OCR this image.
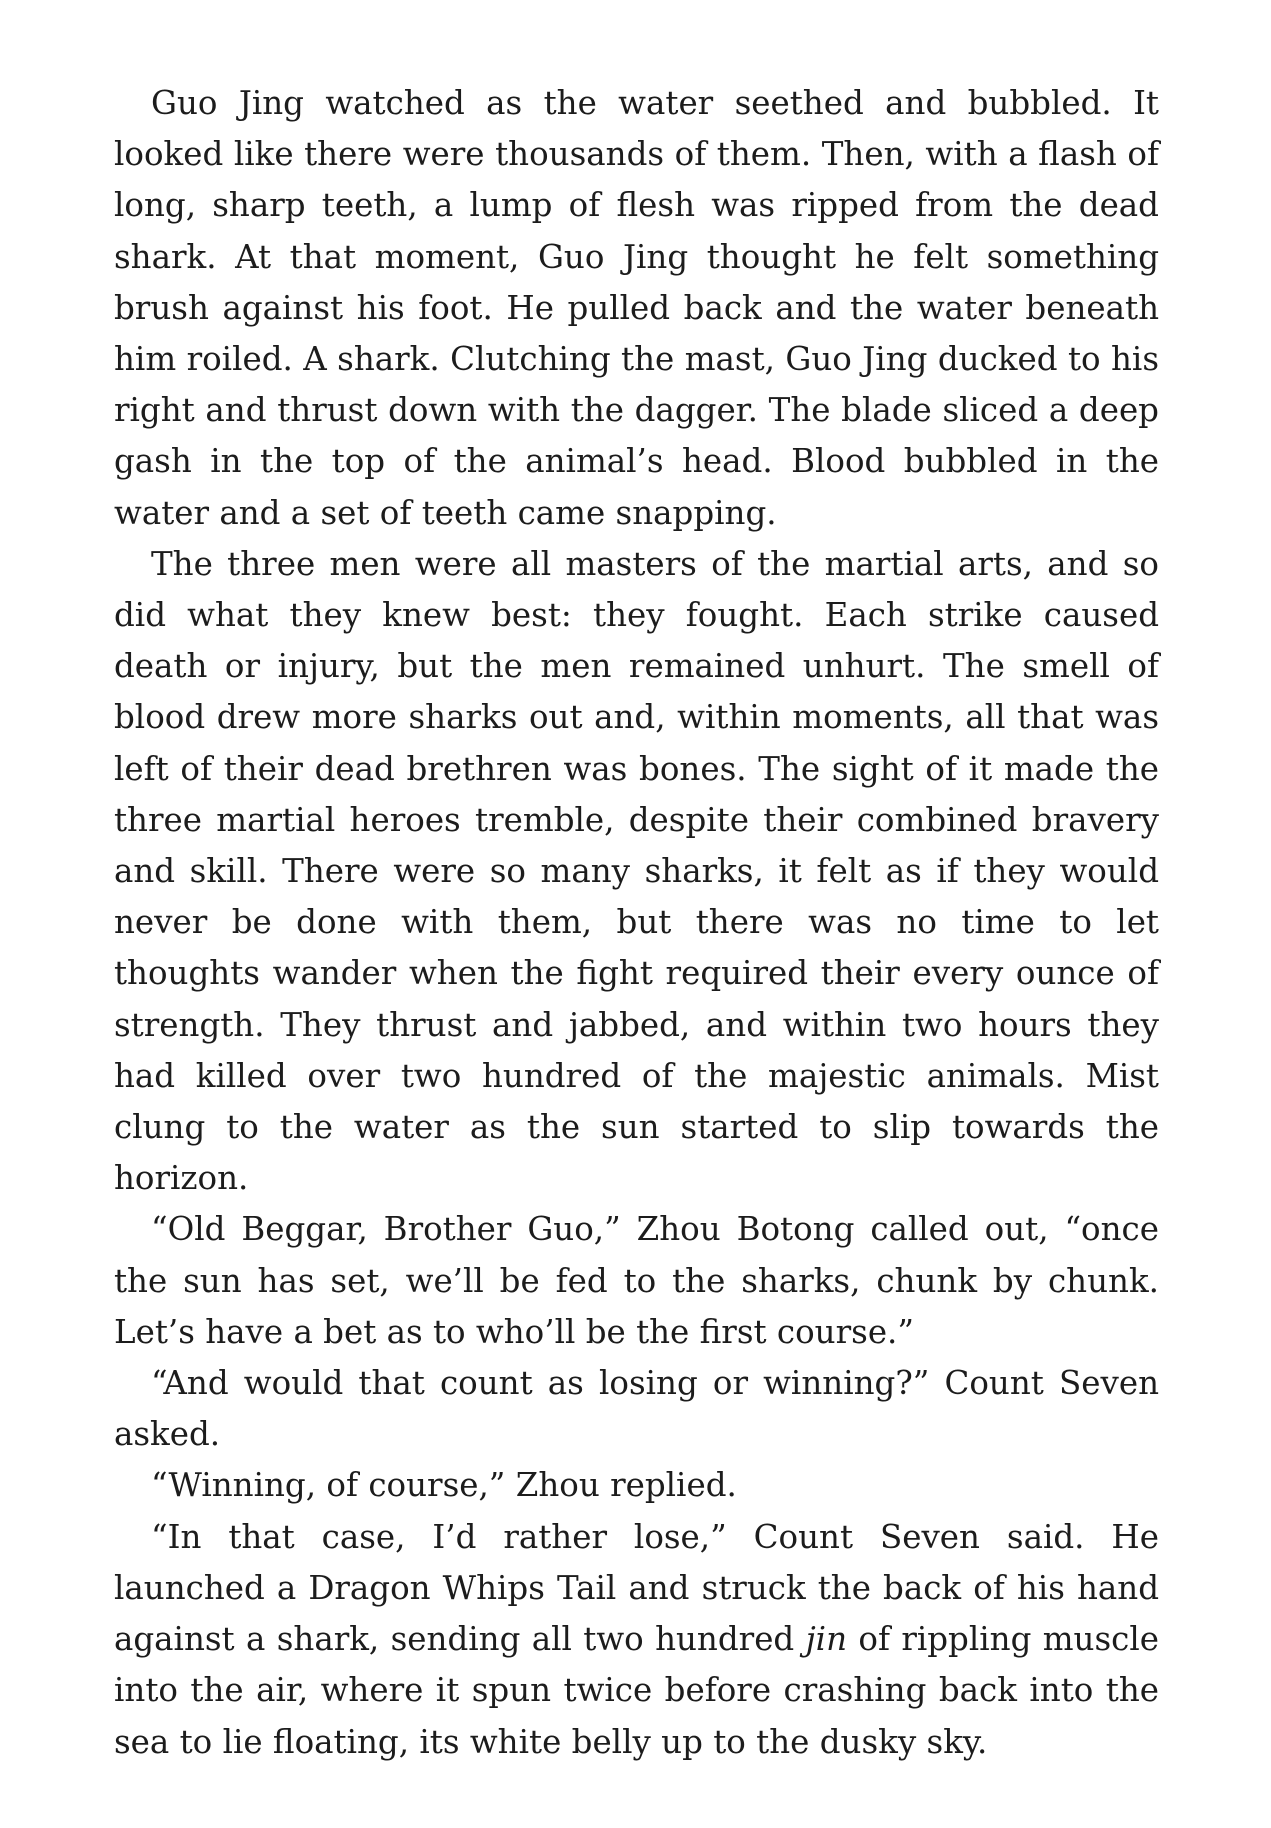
Guo Jing watched as the water seethed and bubbled. It looked like there were thousands of them. Then, with a flash of long, sharp teeth, a lump of flesh was ripped from the dead shark. At that moment, Guo Jing thought he felt something brush against his foot. He pulled back and the water beneath him roiled. A shark. Clutching the mast, Guo Jing ducked to his right and thrust down with the dagger. The blade sliced a deep gash in the top of the animal’s head. Blood bubbled in the water and a set of teeth came snapping.

The three men were all masters of the martial arts, and so did what they knew best: they fought. Each strike caused death or injury, but the men remained unhurt. The smell of blood drew more sharks out and, within moments, all that was left of their dead brethren was bones. The sight of it made the three martial heroes tremble, despite their combined bravery and skill. There were so many sharks, it felt as if they would never be done with them, but there was no time to let thoughts wander when the fight required their every ounce of strength. They thrust and jabbed, and within two hours they had killed over two hundred of the majestic animals. Mist clung to the water as the sun started to slip towards the horizon.

“Old Beggar, Brother Guo,” Zhou Botong called out, “once the sun has set, we’ll be fed to the sharks, chunk by chunk. Let’s have a bet as to who’ll be the first course.”

“And would that count as losing or winning?” Count Seven asked.

“Winning, of course,” Zhou replied.

“In that case, I’d rather lose,” Count Seven said. He launched a Dragon Whips Tail and struck the back of his hand against a shark, sending all two hundred jin of rippling muscle into the air, where it spun twice before crashing back into the sea to lie floating, its white belly up to the dusky sky.
